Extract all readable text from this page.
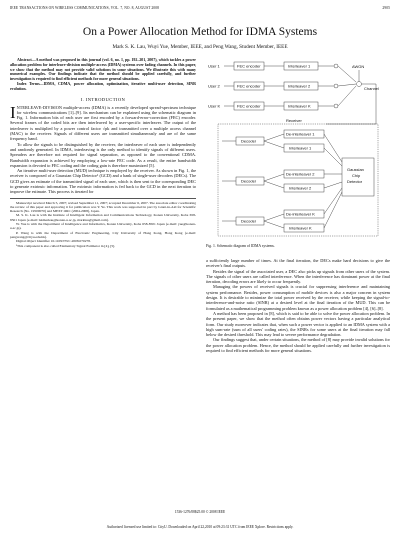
IEEE TRANSACTIONS ON WIRELESS COMMUNICATIONS, VOL. 7, NO. 8, AUGUST 2008	2905
On a Power Allocation Method for IDMA Systems
Mark S. K. Lau, Wuyi Yue, Member, IEEE, and Peng Wang, Student Member, IEEE

Abstract—A method was proposed in this journal (vol. 6, no. 1, pp. 192–201, 2007), which tackles a power allocation problem for interleave-division multiple-access (IDMA) systems over fading channels. In this paper, we show that the method may not provide valid solutions in some situations. We illustrate this with many numerical examples. Our findings indicate that the method should be applied carefully, and further investigation is required to find efficient methods for more general situations.

Index Terms—IDMA, CDMA, power allocation, optimization, iterative multi-user detection, SINR evolution.

I. INTRODUCTION

INTERLEAVE-DIVISION multiple-access (IDMA) is a recently developed spread-spectrum technique for wireless communications [1]–[9]. Its mechanism can be explained using the schematic diagram in Fig. 1. Information bits of each user are first encoded by a forward-error-correction (FEC) encoder. Several frames of the coded bits are then interleaved by a user-specific interleaver. The output of the interleaver is multiplied by a power control factor √pk and transmitted over a multiple access channel (MAC) to the receiver. Signals of different users are transmitted simultaneously and are of the same frequency band.

To allow the signals to be distinguished by the receiver, the interleaver of each user is independently and randomly generated. In IDMA, interleaving is the only method to identify signals of different users. Spreaders are therefore not required for signal separation, as opposed to the conventional CDMA. Bandwidth expansion is achieved by employing a low-rate FEC code. As a result, the entire bandwidth expansion is devoted to FEC coding and the coding gain is therefore maximized [5].

An iterative multi-user detection (MUD) technique is employed by the receiver. As shown in Fig. 1, the receiver is composed of a Gaussian Chip Detector¹ (GCD) and a bank of single-user decoders (DECs). The GCD gives an estimate of the transmitted signal of each user, which is then sent to the corresponding DEC to generate extrinsic information. The extrinsic information is fed back to the GCD in the next iteration to improve the estimate. This process is iterated for

Manuscript received March 5, 2007; revised September 11, 2007; accepted December 6, 2007. The associate editor coordinating the review of this paper and approving it for publication was Y. Ye. This work was supported in part by Grant-in-Aid for Scientific Research (No. 19500070) and MEXT ORC (2004-2008), Japan.
M. S. K. Lau is with the Institute of Intelligent Information and Communications Technology, Konan University, Kobe 658-8501 Japan (e-mail: lskmarkau@konan-u.ac.jp, marklau@gmail.com).
W. Yue is with the Department of Intelligence and Informatics, Konan University, Kobe 658-8501 Japan (e-mail: yue@konan-u.ac.jp).
P. Wang is with the Department of Electronic Engineering, City University of Hong Kong, Hong Kong (e-mail: pengwang@cityu.edu.hk).
Digital Object Identifier 10.1109/TWC.2008.070278.
¹This component is also called Elementary Signal Estimator in [4], [5].
User 1
User 2
User K
FEC encoder
FEC encoder
FEC encoder
Interleaver 1
Interleaver 2
Interleaver K
AWGN
Channel
Receiver
De-interleaver 1
Interleaver 1
De-interleaver 2
Interleaver 2
De-interleaver K
Interleaver K
Decoder
Decoder
Decoder
Gaussian
Chip
Detector
Fig. 1. Schematic diagram of IDMA systems.

a sufficiently large number of times. At the final iteration, the DECs make hard decisions to give the receiver's final outputs.

Besides the signal of the associated user, a DEC also picks up signals from other users of the system. The signals of other users are called interference. When the interference has dominant power at the final iteration, decoding errors are likely to occur frequently.

Managing the powers of received signals is crucial for suppressing interference and maintaining system performance. Besides, power consumption of mobile devices is also a major concern in system design. It is desirable to minimize the total power received by the receiver, while keeping the signal-to-interference-and-noise ratio (SINR) at a desired level at the final iteration of the MUD. This can be formulated as a mathematical programming problem known as a power allocation problem [4], [6]–[8].

A method has been proposed in [8], which is said to be able to solve the power allocation problem. In the present paper, we show that the method often obtains power vectors having a particular analytical form. Our study moreover indicates that, when such a power vector is applied to an IDMA system with a high sum-rate (sum of all users' coding rates), the SINRs for some users at the final iteration may fall below the desired threshold. This may lead to severe performance degradation.

Our findings suggest that, under certain situations, the method of [8] may provide invalid solutions for the power allocation problem. Hence, the method should be applied carefully and further investigation is required to find efficient methods for more general situations.

1536-1276/08$25.00 © 2008 IEEE
Authorized licensed use limited to: CityU. Downloaded on April 22,2010 at 09:23:31 UTC from IEEE Xplore. Restrictions apply.
